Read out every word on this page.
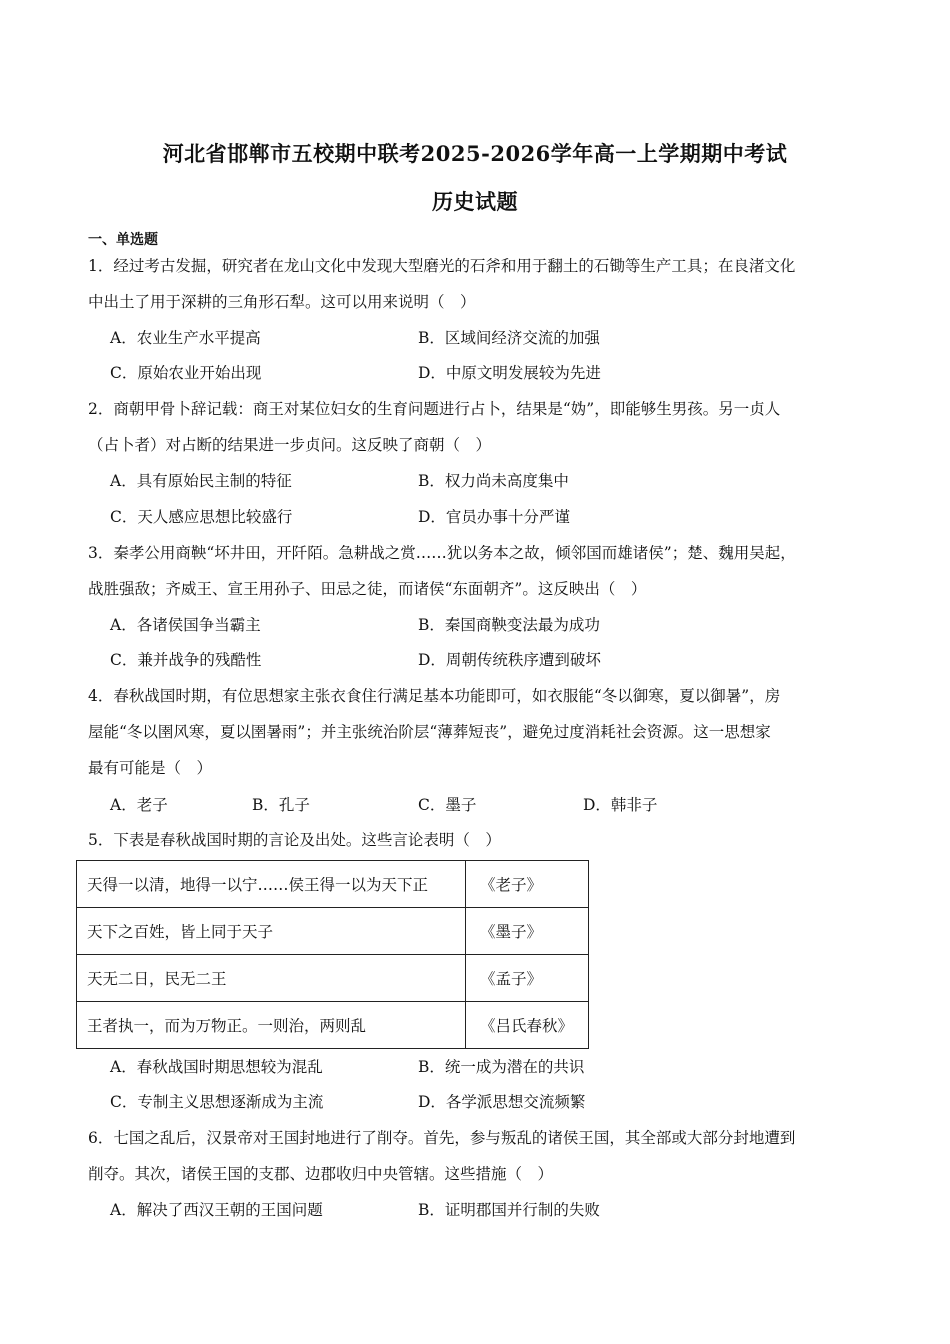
河北省邯郸市五校期中联考2025-2026学年高一上学期期中考试
历史试题
一、单选题
1．经过考古发掘，研究者在龙山文化中发现大型磨光的石斧和用于翻土的石锄等生产工具；在良渚文化
中出土了用于深耕的三角形石犁。这可以用来说明（　）
A．农业生产水平提高	B．区域间经济交流的加强
C．原始农业开始出现	D．中原文明发展较为先进
2．商朝甲骨卜辞记载：商王对某位妇女的生育问题进行占卜，结果是“妫”，即能够生男孩。另一贞人
（占卜者）对占断的结果进一步贞问。这反映了商朝（　）
A．具有原始民主制的特征	B．权力尚未高度集中
C．天人感应思想比较盛行	D．官员办事十分严谨
3．秦孝公用商鞅“坏井田，开阡陌。急耕战之赏……犹以务本之故，倾邻国而雄诸侯”；楚、魏用吴起，
战胜强敌；齐威王、宣王用孙子、田忌之徒，而诸侯“东面朝齐”。这反映出（　）
A．各诸侯国争当霸主	B．秦国商鞅变法最为成功
C．兼并战争的残酷性	D．周朝传统秩序遭到破坏
4．春秋战国时期，有位思想家主张衣食住行满足基本功能即可，如衣服能“冬以御寒，夏以御暑”，房
屋能“冬以圉风寒，夏以圉暑雨”；并主张统治阶层“薄葬短丧”，避免过度消耗社会资源。这一思想家
最有可能是（　）
A．老子	B．孔子	C．墨子	D．韩非子
5．下表是春秋战国时期的言论及出处。这些言论表明（　）
天得一以清，地得一以宁……侯王得一以为天下正	《老子》
天下之百姓，皆上同于天子	《墨子》
天无二日，民无二王	《孟子》
王者执一，而为万物正。一则治，两则乱	《吕氏春秋》
A．春秋战国时期思想较为混乱	B．统一成为潜在的共识
C．专制主义思想逐渐成为主流	D．各学派思想交流频繁
6．七国之乱后，汉景帝对王国封地进行了削夺。首先，参与叛乱的诸侯王国，其全部或大部分封地遭到
削夺。其次，诸侯王国的支郡、边郡收归中央管辖。这些措施（　）
A．解决了西汉王朝的王国问题	B．证明郡国并行制的失败
